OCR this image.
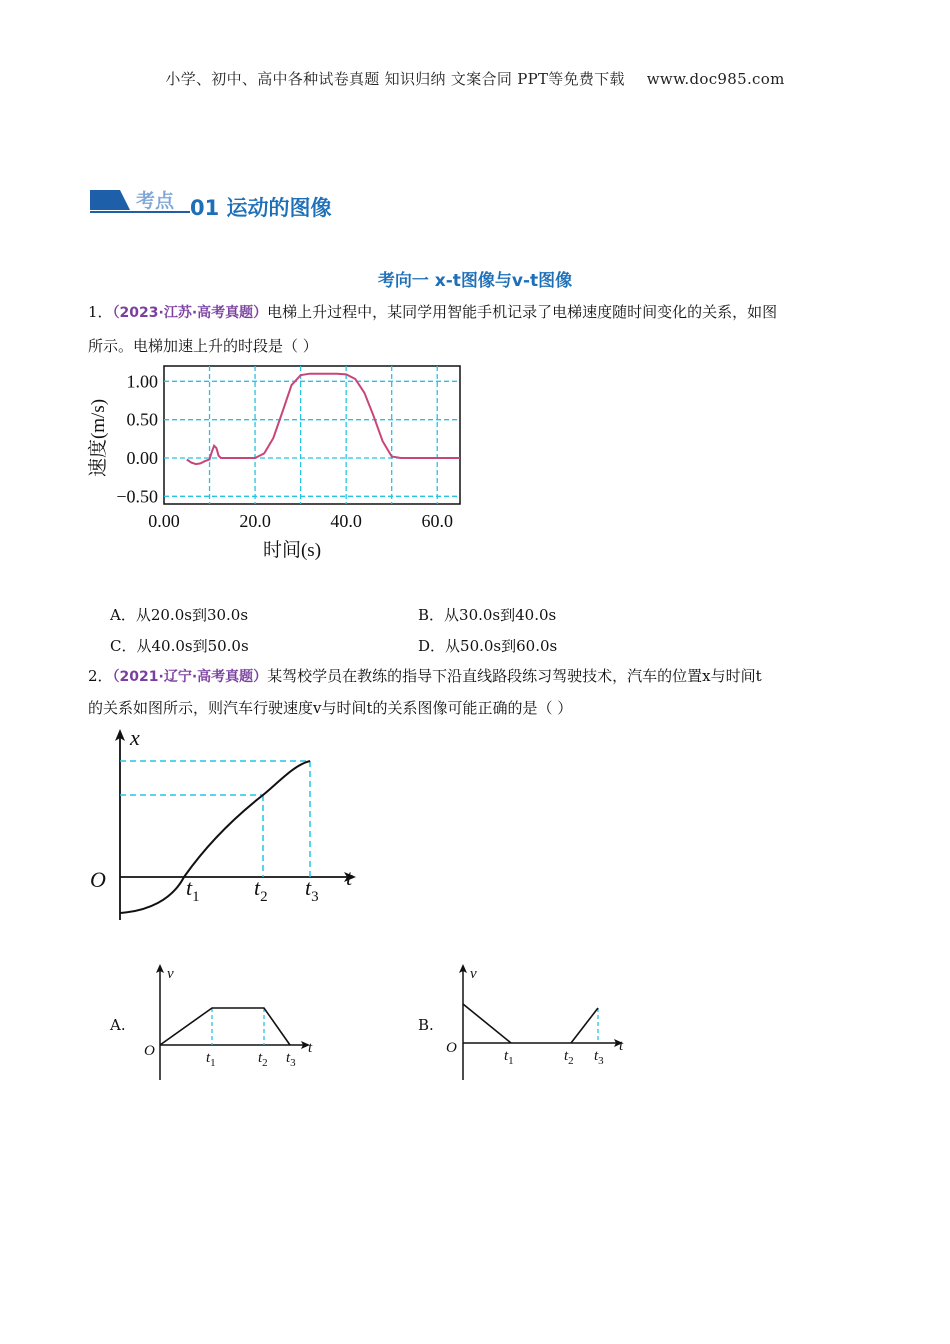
小学、初中、高中各种试卷真题 知识归纳 文案合同 PPT等免费下载 www.doc985.com
考点 01 运动的图像
考向一 x-t图像与v-t图像
1．（2023·江苏·高考真题）电梯上升过程中，某同学用智能手机记录了电梯速度随时间变化的关系，如图
所示。电梯加速上升的时段是（ ）
0.00	20.0	40.0	60.0
1.00
0.50
0.00
−0.50
时间(s)
速度(m/s)
A．从20.0s到30.0s	B．从30.0s到40.0s
C．从40.0s到50.0s	D．从50.0s到60.0s
2．（2021·辽宁·高考真题）某驾校学员在教练的指导下沿直线路段练习驾驶技术，汽车的位置x与时间t
的关系如图所示，则汽车行驶速度v与时间t的关系图像可能正确的是（ ）
x
t
O	$t_1$ $t_2$ $t_3$
A.
v
t
O	$t_1$	$t_2$ $t_3$
B.
v
t
O	$t_1$	$t_2$ $t_3$
